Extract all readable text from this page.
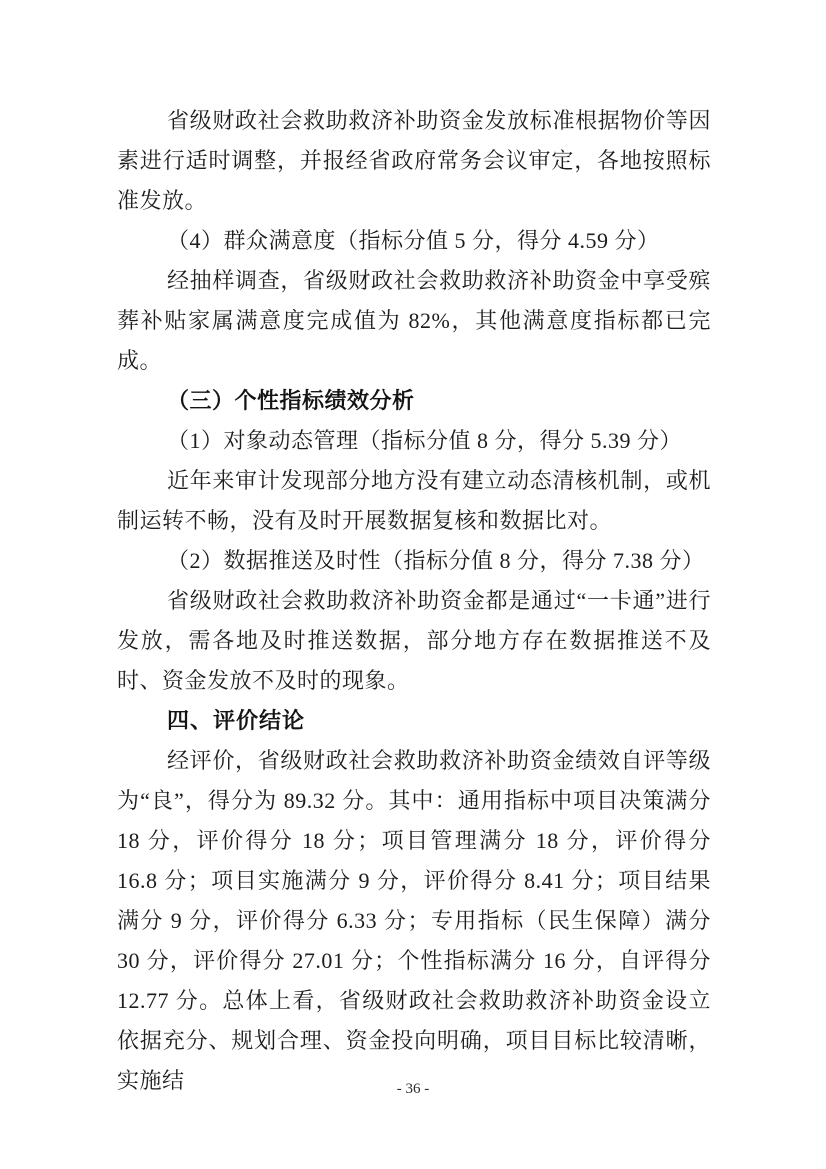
省级财政社会救助救济补助资金发放标准根据物价等因素进行适时调整，并报经省政府常务会议审定，各地按照标准发放。

（4）群众满意度（指标分值 5 分，得分 4.59 分）

经抽样调查，省级财政社会救助救济补助资金中享受殡葬补贴家属满意度完成值为 82%，其他满意度指标都已完成。

（三）个性指标绩效分析

（1）对象动态管理（指标分值 8 分，得分 5.39 分）

近年来审计发现部分地方没有建立动态清核机制，或机制运转不畅，没有及时开展数据复核和数据比对。

（2）数据推送及时性（指标分值 8 分，得分 7.38 分）

省级财政社会救助救济补助资金都是通过“一卡通”进行发放，需各地及时推送数据，部分地方存在数据推送不及时、资金发放不及时的现象。

四、评价结论

经评价，省级财政社会救助救济补助资金绩效自评等级为“良”，得分为 89.32 分。其中：通用指标中项目决策满分 18 分，评价得分 18 分；项目管理满分 18 分，评价得分 16.8 分；项目实施满分 9 分，评价得分 8.41 分；项目结果满分 9 分，评价得分 6.33 分；专用指标（民生保障）满分 30 分，评价得分 27.01 分；个性指标满分 16 分，自评得分 12.77 分。总体上看，省级财政社会救助救济补助资金设立依据充分、规划合理、资金投向明确，项目目标比较清晰，实施结	- 36 -
